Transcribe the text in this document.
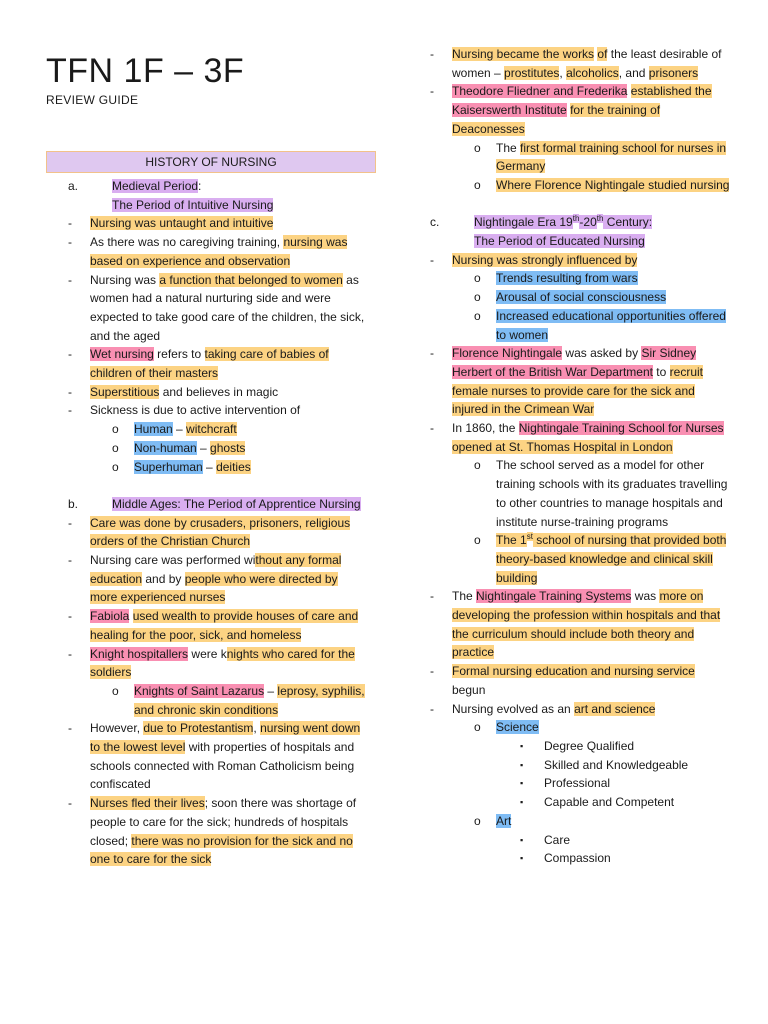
TFN 1F – 3F
REVIEW GUIDE
HISTORY OF NURSING
a.	Medieval Period:

The Period of Intuitive Nursing

- Nursing was untaught and intuitive

- As there was no caregiving training, nursing was based on experience and observation

- Nursing was a function that belonged to women as women had a natural nurturing side and were expected to take good care of the children, the sick, and the aged

- Wet nursing refers to taking care of babies of children of their masters

- Superstitious and believes in magic

- Sickness is due to active intervention of

o Human – witchcraft

o Non-human – ghosts

o Superhuman – deities

b.	Middle Ages: The Period of Apprentice Nursing

- Care was done by crusaders, prisoners, religious orders of the Christian Church

- Nursing care was performed without any formal education and by people who were directed by more experienced nurses

- Fabiola used wealth to provide houses of care and healing for the poor, sick, and homeless

- Knight hospitallers were knights who cared for the soldiers

o Knights of Saint Lazarus – leprosy, syphilis, and chronic skin conditions

- However, due to Protestantism, nursing went down to the lowest level with properties of hospitals and schools connected with Roman Catholicism being confiscated

- Nurses fled their lives; soon there was shortage of people to care for the sick; hundreds of hospitals closed; there was no provision for the sick and no one to care for the sick

- Nursing became the works of the least desirable of women – prostitutes, alcoholics, and prisoners

- Theodore Fliedner and Frederika established the Kaiserswerth Institute for the training of Deaconesses

o The first formal training school for nurses in Germany

o Where Florence Nightingale studied nursing

c.	Nightingale Era 19th-20th Century:

The Period of Educated Nursing

- Nursing was strongly influenced by

o Trends resulting from wars

o Arousal of social consciousness

o Increased educational opportunities offered to women

- Florence Nightingale was asked by Sir Sidney Herbert of the British War Department to recruit female nurses to provide care for the sick and injured in the Crimean War

- In 1860, the Nightingale Training School for Nurses opened at St. Thomas Hospital in London

o The school served as a model for other training schools with its graduates travelling to other countries to manage hospitals and institute nurse-training programs

o The 1st school of nursing that provided both theory-based knowledge and clinical skill building

- The Nightingale Training Systems was more on developing the profession within hospitals and that the curriculum should include both theory and practice

- Formal nursing education and nursing service begun

- Nursing evolved as an art and science

o Science

▪ Degree Qualified

▪ Skilled and Knowledgeable

▪ Professional

▪ Capable and Competent

o Art

▪ Care

▪ Compassion
